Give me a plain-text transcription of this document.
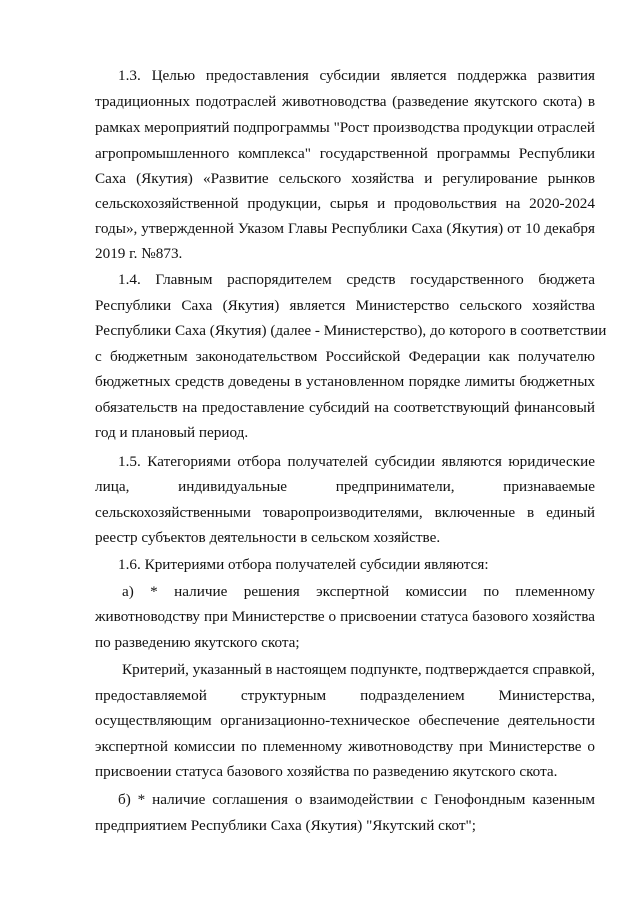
1.3. Целью предоставления субсидии является поддержка развития
традиционных подотраслей животноводства (разведение якутского скота) в
рамках мероприятий подпрограммы "Рост производства продукции отраслей
агропромышленного комплекса" государственной программы Республики
Саха (Якутия) «Развитие сельского хозяйства и регулирование рынков
сельскохозяйственной продукции, сырья и продовольствия на 2020-2024
годы», утвержденной Указом Главы Республики Саха (Якутия) от 10 декабря
2019 г. №873.
1.4. Главным распорядителем средств государственного бюджета
Республики Саха (Якутия) является Министерство сельского хозяйства
Республики Саха (Якутия) (далее - Министерство), до которого в соответствии
с бюджетным законодательством Российской Федерации как получателю
бюджетных средств доведены в установленном порядке лимиты бюджетных
обязательств на предоставление субсидий на соответствующий финансовый
год и плановый период.
1.5. Категориями отбора получателей субсидии являются юридические
лица, индивидуальные предприниматели, признаваемые
сельскохозяйственными товаропроизводителями, включенные в единый
реестр субъектов деятельности в сельском хозяйстве.
1.6. Критериями отбора получателей субсидии являются:
а) * наличие решения экспертной комиссии по племенному
животноводству при Министерстве о присвоении статуса базового хозяйства
по разведению якутского скота;
Критерий, указанный в настоящем подпункте, подтверждается справкой,
предоставляемой структурным подразделением Министерства,
осуществляющим организационно-техническое обеспечение деятельности
экспертной комиссии по племенному животноводству при Министерстве о
присвоении статуса базового хозяйства по разведению якутского скота.
б) * наличие соглашения о взаимодействии с Генофондным казенным
предприятием Республики Саха (Якутия) "Якутский скот";
